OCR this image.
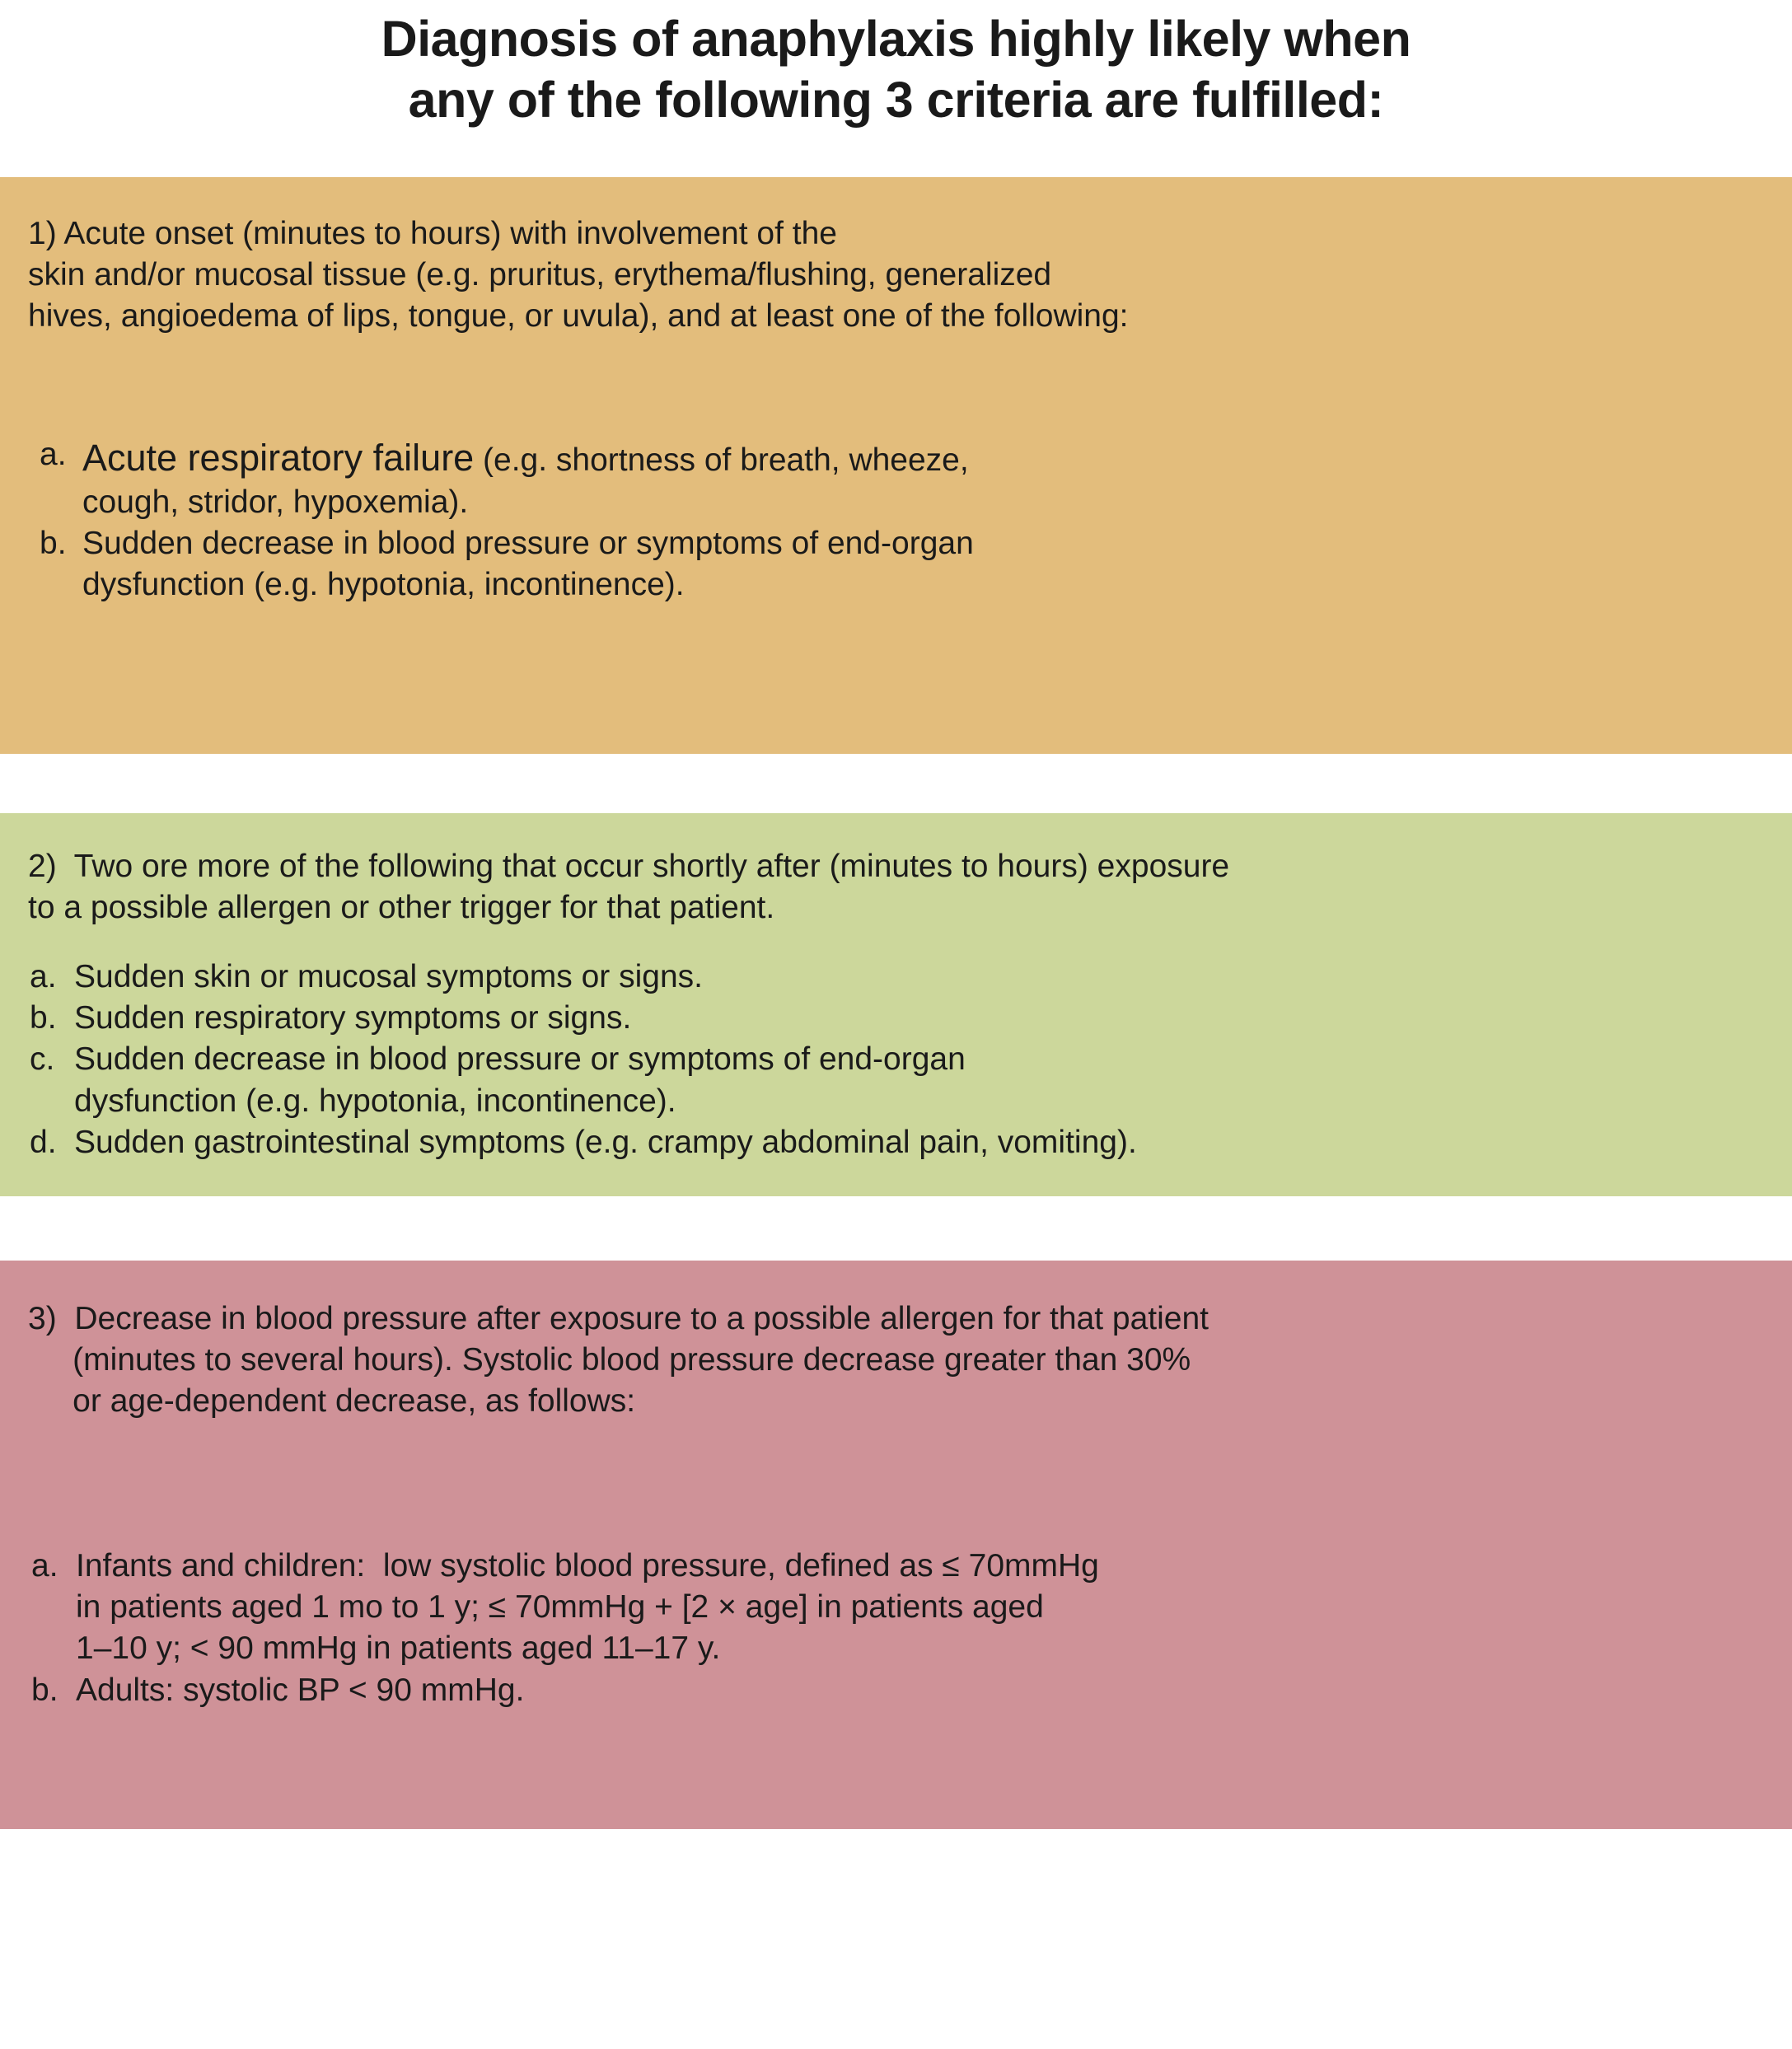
Diagnosis of anaphylaxis highly likely when
any of the following 3 criteria are fulfilled:

1) Acute onset (minutes to hours) with involvement of the
skin and/or mucosal tissue (e.g. pruritus, erythema/flushing, generalized
hives, angioedema of lips, tongue, or uvula), and at least one of the following:

a. Acute respiratory failure (e.g. shortness of breath, wheeze,
cough, stridor, hypoxemia).
b. Sudden decrease in blood pressure or symptoms of end-organ
dysfunction (e.g. hypotonia, incontinence).

2)  Two ore more of the following that occur shortly after (minutes to hours) exposure
to a possible allergen or other trigger for that patient.

a. Sudden skin or mucosal symptoms or signs.
b. Sudden respiratory symptoms or signs.
c. Sudden decrease in blood pressure or symptoms of end-organ
dysfunction (e.g. hypotonia, incontinence).
d. Sudden gastrointestinal symptoms (e.g. crampy abdominal pain, vomiting).

3)  Decrease in blood pressure after exposure to a possible allergen for that patient
(minutes to several hours). Systolic blood pressure decrease greater than 30%
or age-dependent decrease, as follows:

a. Infants and children:  low systolic blood pressure, defined as ≤ 70mmHg
in patients aged 1 mo to 1 y; ≤ 70mmHg + [2 × age] in patients aged
1–10 y; < 90 mmHg in patients aged 11–17 y.
b. Adults: systolic BP < 90 mmHg.
